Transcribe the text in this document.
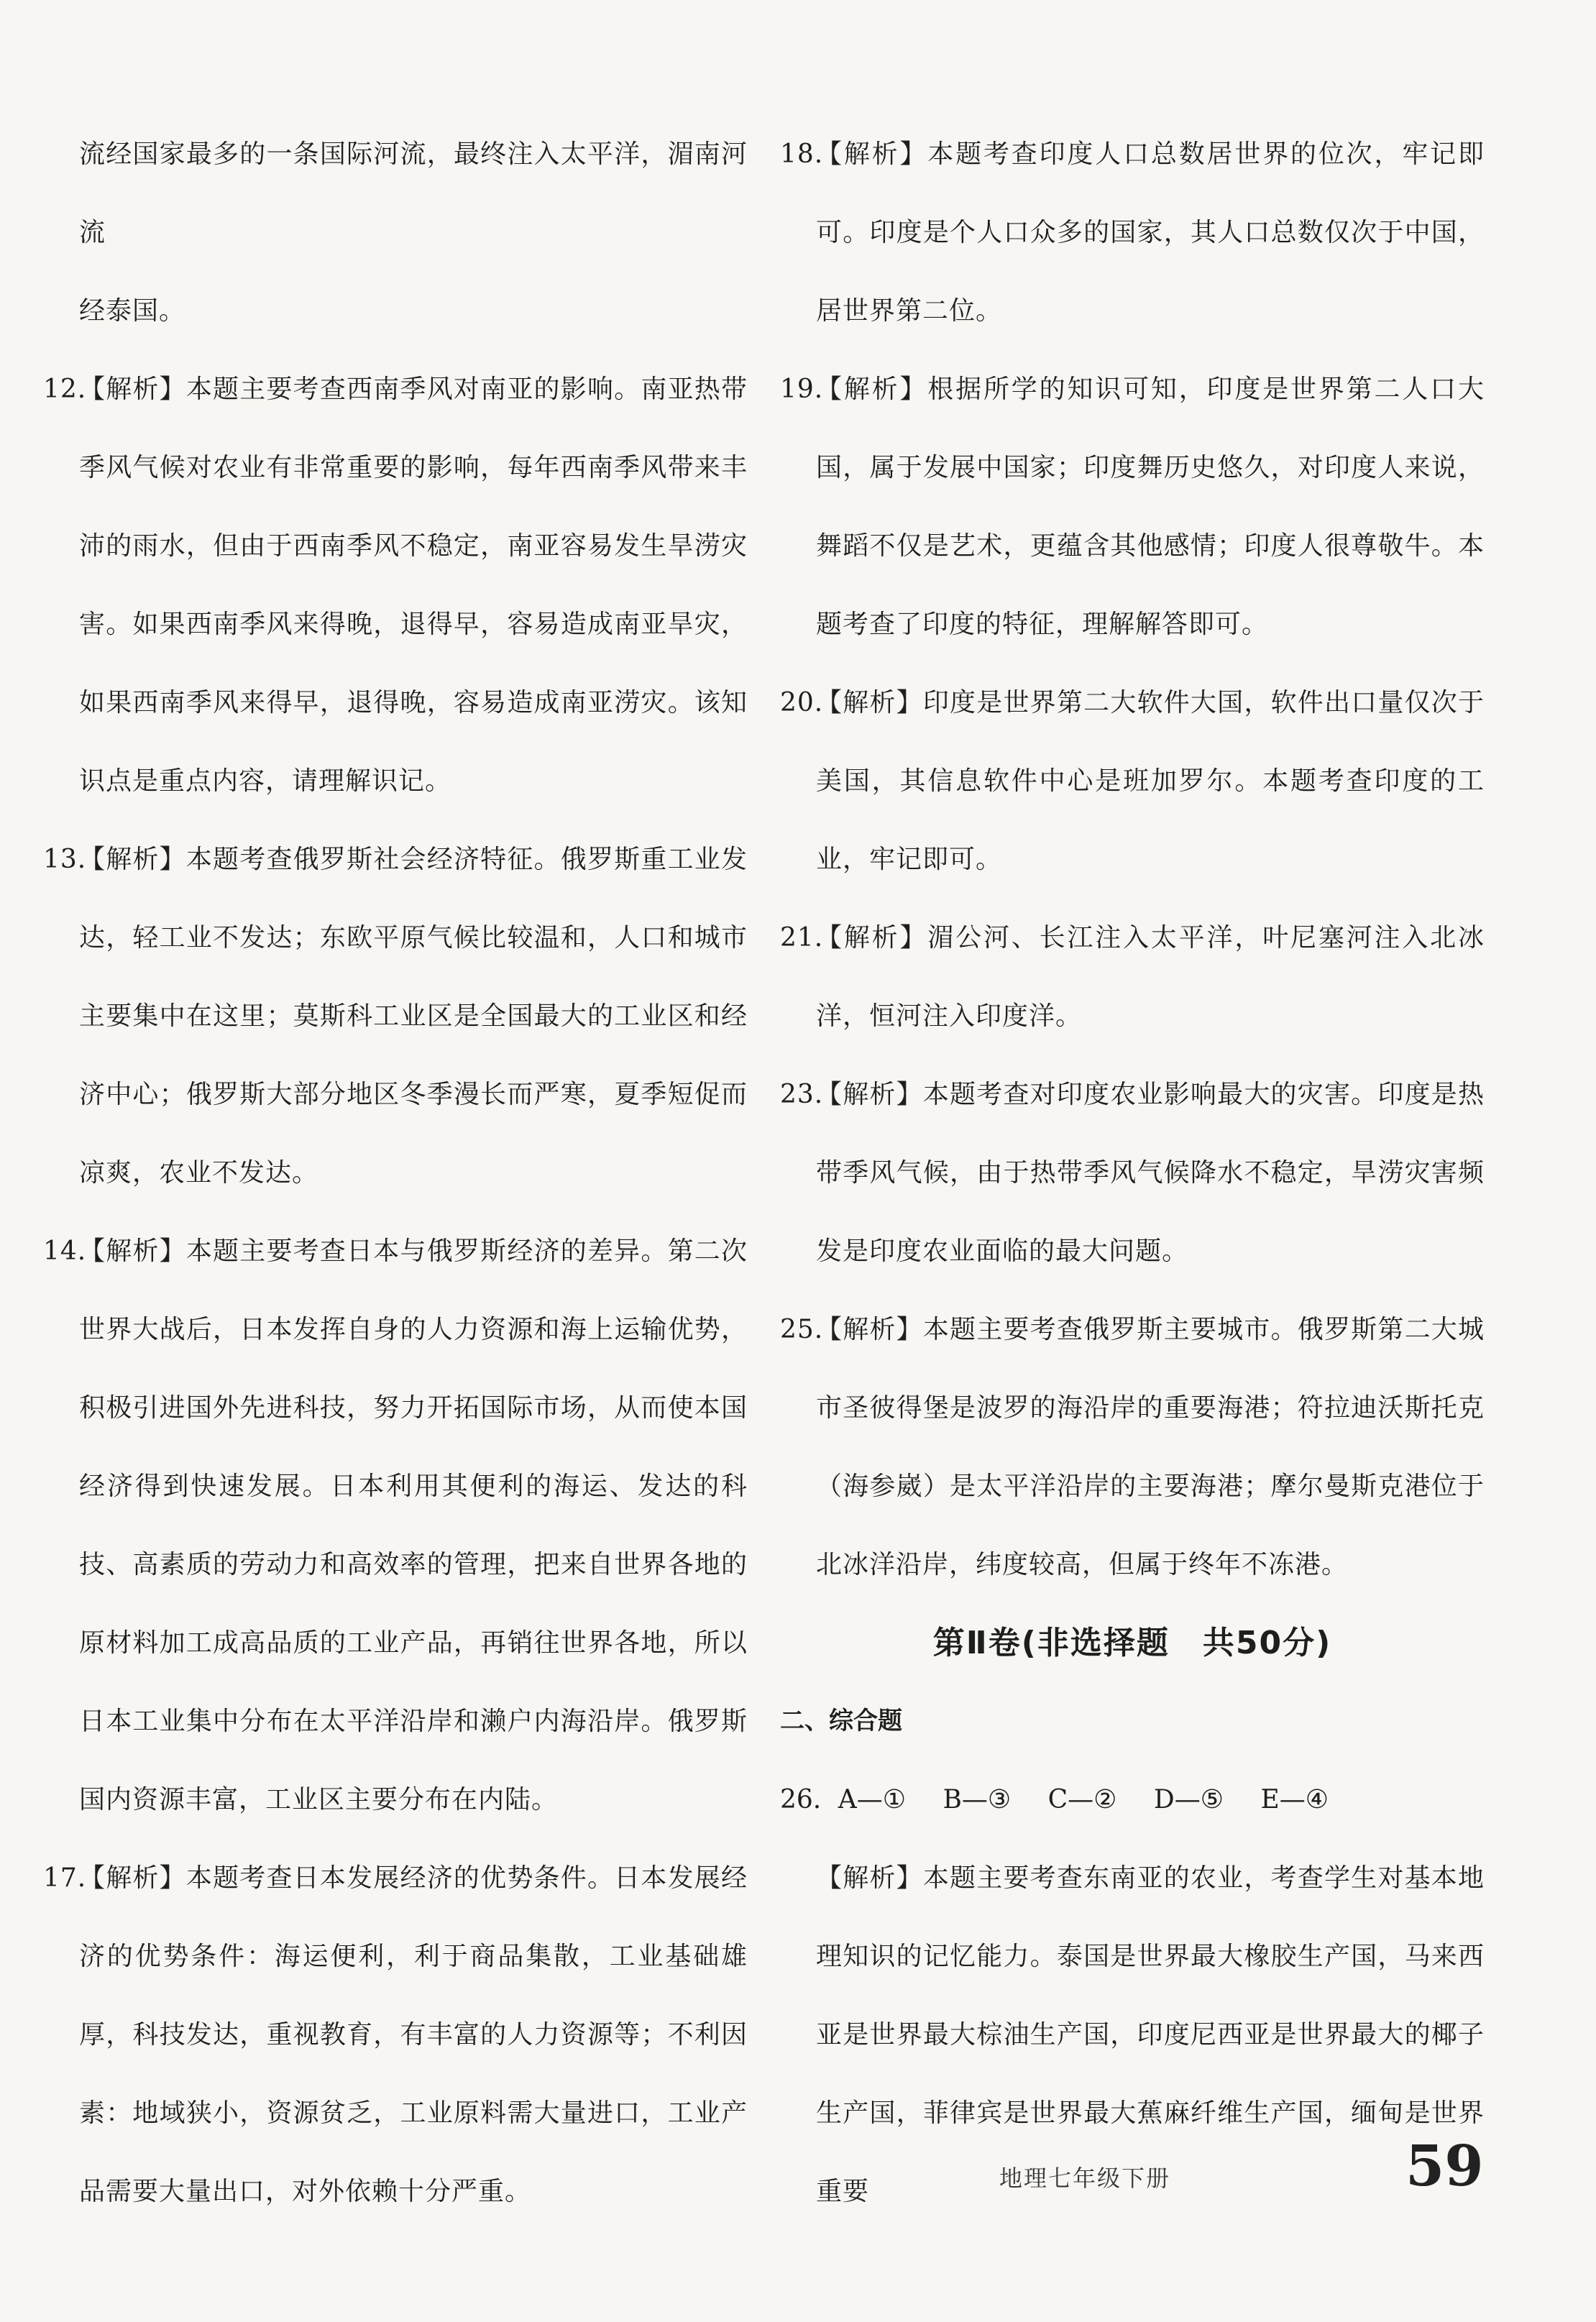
流经国家最多的一条国际河流，最终注入太平洋，湄南河流

经泰国。

12.
【解析】本题主要考查西南季风对南亚的影响。南亚热带季风气候对农业有非常重要的影响，每年西南季风带来丰沛的雨水，但由于西南季风不稳定，南亚容易发生旱涝灾害。如果西南季风来得晚，退得早，容易造成南亚旱灾，如果西南季风来得早，退得晚，容易造成南亚涝灾。该知识点是重点内容，请理解识记。
13.
【解析】本题考查俄罗斯社会经济特征。俄罗斯重工业发达，轻工业不发达；东欧平原气候比较温和，人口和城市主要集中在这里；莫斯科工业区是全国最大的工业区和经济中心；俄罗斯大部分地区冬季漫长而严寒，夏季短促而凉爽，农业不发达。
14.
【解析】本题主要考查日本与俄罗斯经济的差异。第二次世界大战后，日本发挥自身的人力资源和海上运输优势，积极引进国外先进科技，努力开拓国际市场，从而使本国经济得到快速发展。日本利用其便利的海运、发达的科技、高素质的劳动力和高效率的管理，把来自世界各地的原材料加工成高品质的工业产品，再销往世界各地，所以日本工业集中分布在太平洋沿岸和濑户内海沿岸。俄罗斯国内资源丰富，工业区主要分布在内陆。
17.
【解析】本题考查日本发展经济的优势条件。日本发展经济的优势条件：海运便利，利于商品集散，工业基础雄厚，科技发达，重视教育，有丰富的人力资源等；不利因素：地域狭小，资源贫乏，工业原料需大量进口，工业产品需要大量出口，对外依赖十分严重。
18.
【解析】本题考查印度人口总数居世界的位次，牢记即可。印度是个人口众多的国家，其人口总数仅次于中国，居世界第二位。
19.
【解析】根据所学的知识可知，印度是世界第二人口大国，属于发展中国家；印度舞历史悠久，对印度人来说，舞蹈不仅是艺术，更蕴含其他感情；印度人很尊敬牛。本题考查了印度的特征，理解解答即可。
20.
【解析】印度是世界第二大软件大国，软件出口量仅次于美国，其信息软件中心是班加罗尔。本题考查印度的工业，牢记即可。
21.
【解析】湄公河、长江注入太平洋，叶尼塞河注入北冰洋，恒河注入印度洋。
23.
【解析】本题考查对印度农业影响最大的灾害。印度是热带季风气候，由于热带季风气候降水不稳定，旱涝灾害频发是印度农业面临的最大问题。
25.
【解析】本题主要考查俄罗斯主要城市。俄罗斯第二大城市圣彼得堡是波罗的海沿岸的重要海港；符拉迪沃斯托克（海参崴）是太平洋沿岸的主要海港；摩尔曼斯克港位于北冰洋沿岸，纬度较高，但属于终年不冻港。

第Ⅱ卷(非选择题　共50分)

二、综合题

26. A—① B—③ C—② D—⑤ E—④

【解析】本题主要考查东南亚的农业，考查学生对基本地理知识的记忆能力。泰国是世界最大橡胶生产国，马来西亚是世界最大棕油生产国，印度尼西亚是世界最大的椰子生产国，菲律宾是世界最大蕉麻纤维生产国，缅甸是世界重要	地理七年级下册	59
